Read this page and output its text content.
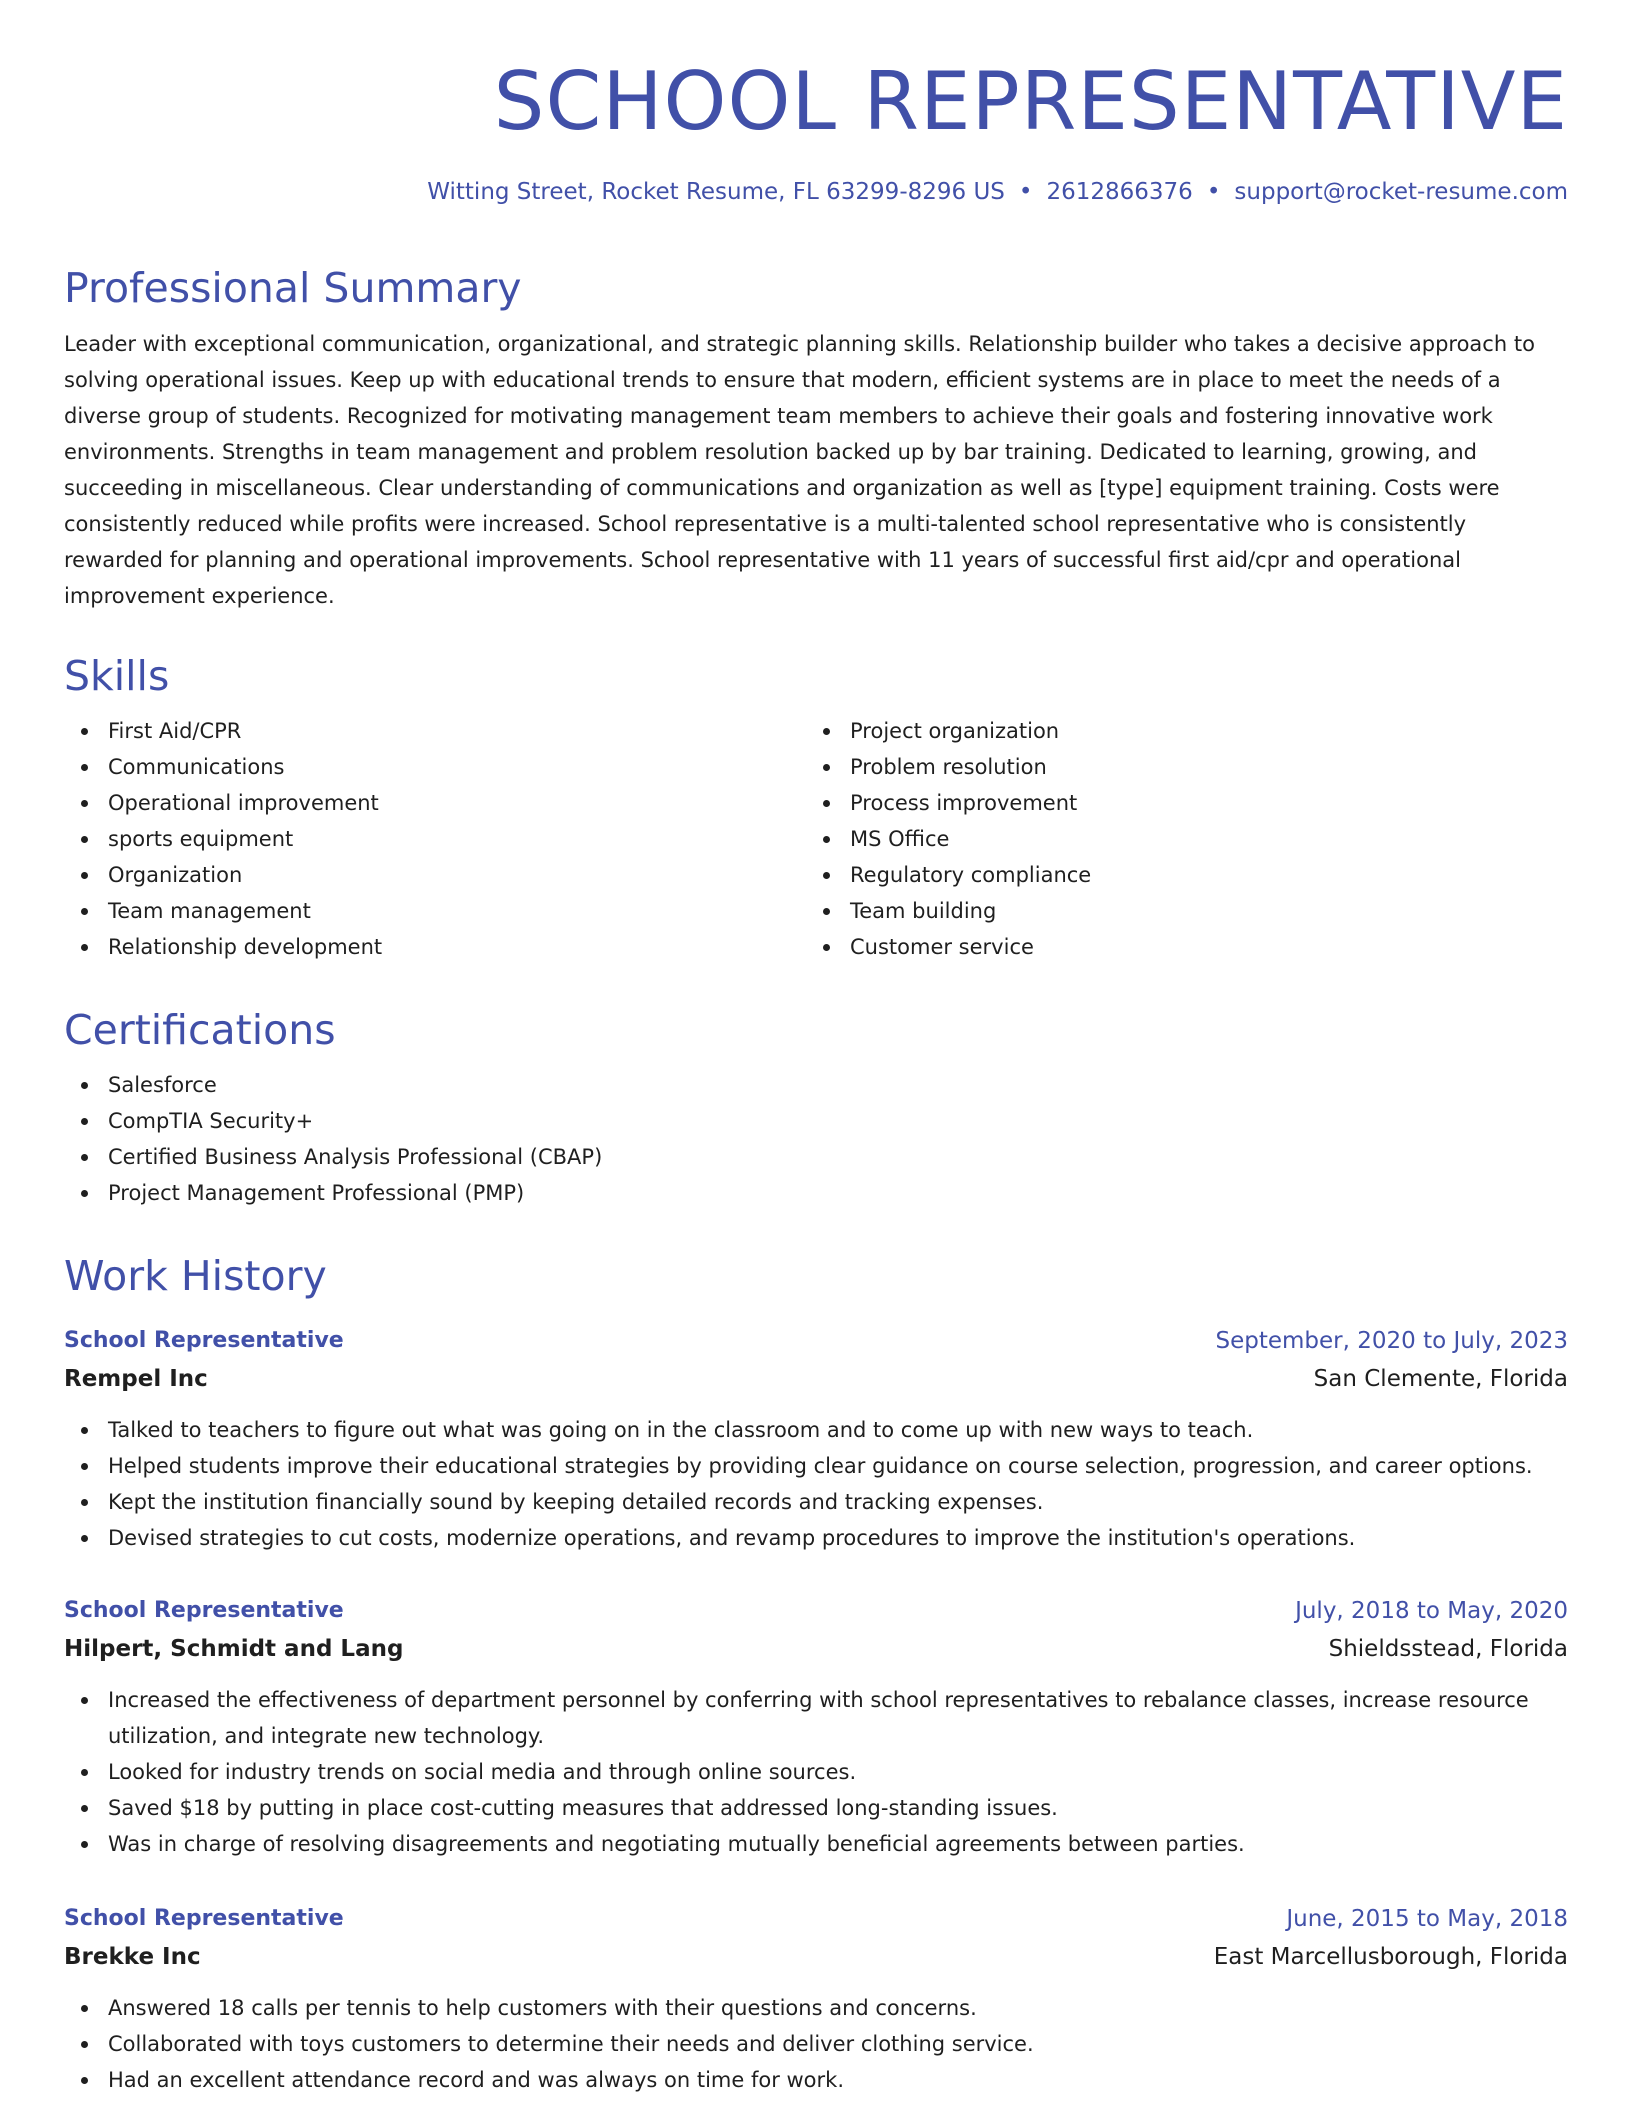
SCHOOL REPRESENTATIVE
Witting Street, Rocket Resume, FL 63299-8296 US • 2612866376 • support@rocket-resume.com
Professional Summary
Leader with exceptional communication, organizational, and strategic planning skills. Relationship builder who takes a decisive approach to solving operational issues. Keep up with educational trends to ensure that modern, efficient systems are in place to meet the needs of a diverse group of students. Recognized for motivating management team members to achieve their goals and fostering innovative work environments. Strengths in team management and problem resolution backed up by bar training. Dedicated to learning, growing, and succeeding in miscellaneous. Clear understanding of communications and organization as well as [type] equipment training. Costs were consistently reduced while profits were increased. School representative is a multi-talented school representative who is consistently rewarded for planning and operational improvements. School representative with 11 years of successful first aid/cpr and operational improvement experience.
Skills
First Aid/CPR
Communications
Operational improvement
sports equipment
Organization
Team management
Relationship development
Project organization
Problem resolution
Process improvement
MS Office
Regulatory compliance
Team building
Customer service
Certifications
Salesforce
CompTIA Security+
Certified Business Analysis Professional (CBAP)
Project Management Professional (PMP)
Work History
School Representative	September, 2020 to July, 2023
Rempel Inc	San Clemente, Florida
Talked to teachers to figure out what was going on in the classroom and to come up with new ways to teach.
Helped students improve their educational strategies by providing clear guidance on course selection, progression, and career options.
Kept the institution financially sound by keeping detailed records and tracking expenses.
Devised strategies to cut costs, modernize operations, and revamp procedures to improve the institution's operations.
School Representative	July, 2018 to May, 2020
Hilpert, Schmidt and Lang	Shieldsstead, Florida
Increased the effectiveness of department personnel by conferring with school representatives to rebalance classes, increase resource utilization, and integrate new technology.
Looked for industry trends on social media and through online sources.
Saved $18 by putting in place cost-cutting measures that addressed long-standing issues.
Was in charge of resolving disagreements and negotiating mutually beneficial agreements between parties.
School Representative	June, 2015 to May, 2018
Brekke Inc	East Marcellusborough, Florida
Answered 18 calls per tennis to help customers with their questions and concerns.
Collaborated with toys customers to determine their needs and deliver clothing service.
Had an excellent attendance record and was always on time for work.
